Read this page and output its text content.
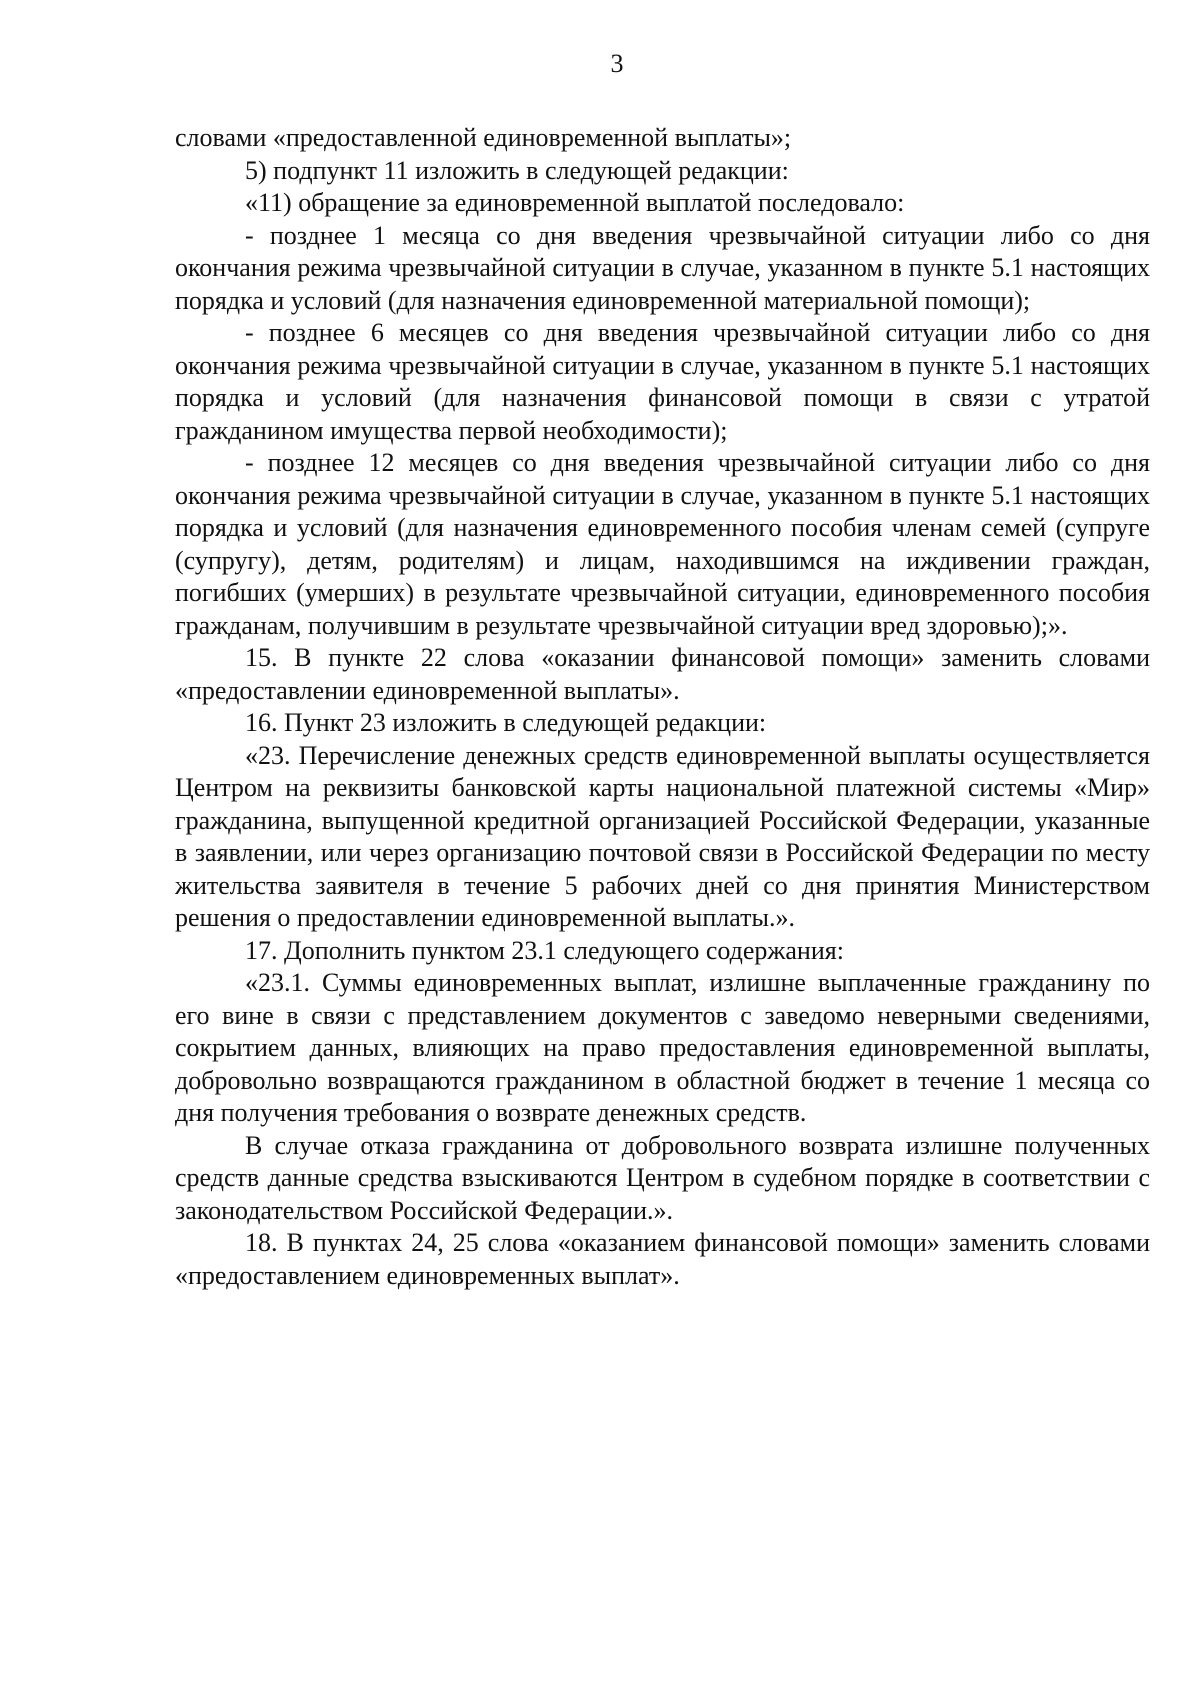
3

словами «предоставленной единовременной выплаты»;

5) подпункт 11 изложить в следующей редакции:

«11) обращение за единовременной выплатой последовало:

- позднее 1 месяца со дня введения чрезвычайной ситуации либо со дня окончания режима чрезвычайной ситуации в случае, указанном в пункте 5.1 настоящих порядка и условий (для назначения единовременной материальной помощи);

- позднее 6 месяцев со дня введения чрезвычайной ситуации либо со дня окончания режима чрезвычайной ситуации в случае, указанном в пункте 5.1 настоящих порядка и условий (для назначения финансовой помощи в связи с утратой гражданином имущества первой необходимости);

- позднее 12 месяцев со дня введения чрезвычайной ситуации либо со дня окончания режима чрезвычайной ситуации в случае, указанном в пункте 5.1 настоящих порядка и условий (для назначения единовременного пособия членам семей (супруге (супругу), детям, родителям) и лицам, находившимся на иждивении граждан, погибших (умерших) в результате чрезвычайной ситуации, единовременного пособия гражданам, получившим в результате чрезвычайной ситуации вред здоровью);».

15. В пункте 22 слова «оказании финансовой помощи» заменить словами «предоставлении единовременной выплаты».

16. Пункт 23 изложить в следующей редакции:

«23. Перечисление денежных средств единовременной выплаты осуществляется Центром на реквизиты банковской карты национальной платежной системы «Мир» гражданина, выпущенной кредитной организацией Российской Федерации, указанные в заявлении, или через организацию почтовой связи в Российской Федерации по месту жительства заявителя в течение 5 рабочих дней со дня принятия Министерством решения о предоставлении единовременной выплаты.».

17. Дополнить пунктом 23.1 следующего содержания:

«23.1. Суммы единовременных выплат, излишне выплаченные гражданину по его вине в связи с представлением документов с заведомо неверными сведениями, сокрытием данных, влияющих на право предоставления единовременной выплаты, добровольно возвращаются гражданином в областной бюджет в течение 1 месяца со дня получения требования о возврате денежных средств.

В случае отказа гражданина от добровольного возврата излишне полученных средств данные средства взыскиваются Центром в судебном порядке в соответствии с законодательством Российской Федерации.».

18. В пунктах 24, 25 слова «оказанием финансовой помощи» заменить словами «предоставлением единовременных выплат».
